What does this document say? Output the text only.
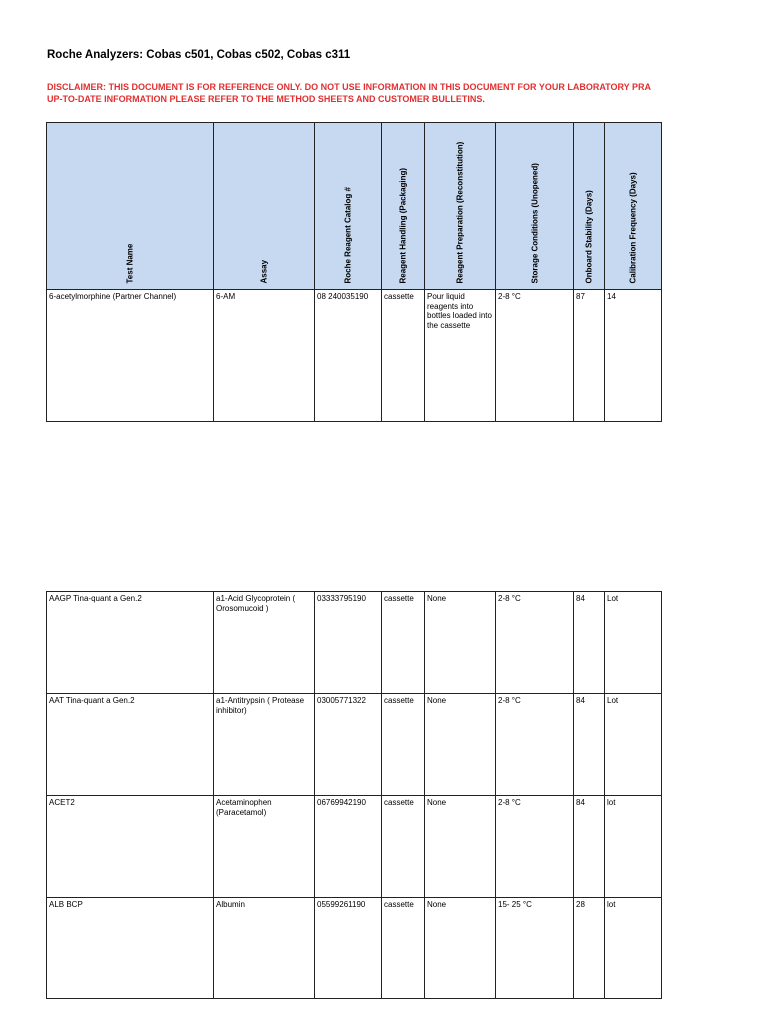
Roche Analyzers: Cobas c501, Cobas c502, Cobas c311
DISCLAIMER: THIS DOCUMENT IS FOR REFERENCE ONLY. DO NOT USE INFORMATION IN THIS DOCUMENT FOR YOUR LABORATORY PRA
UP-TO-DATE INFORMATION PLEASE REFER TO THE METHOD SHEETS AND CUSTOMER BULLETINS.
Test Name	Assay	Roche Reagent Catalog #	Reagent Handling (Packaging)	Reagent Preparation (Reconstitution)	Storage Conditions (Unopened)	Onboard Stability (Days)	Calibration Frequency (Days)
6-acetylmorphine (Partner Channel)	6-AM	08 240035190	cassette	Pour liquid reagents into bottles loaded into the cassette	2-8 °C	87	14
AAGP Tina-quant a Gen.2	a1-Acid Glycoprotein ( Orosomucoid )	03333795190	cassette	None	2-8 °C	84	Lot
AAT Tina-quant a Gen.2	a1-Antitrypsin ( Protease inhibitor)	03005771322	cassette	None	2-8 °C	84	Lot
ACET2	Acetaminophen (Paracetamol)	06769942190	cassette	None	2-8 °C	84	lot
ALB BCP	Albumin	05599261190	cassette	None	15- 25 °C	28	lot
